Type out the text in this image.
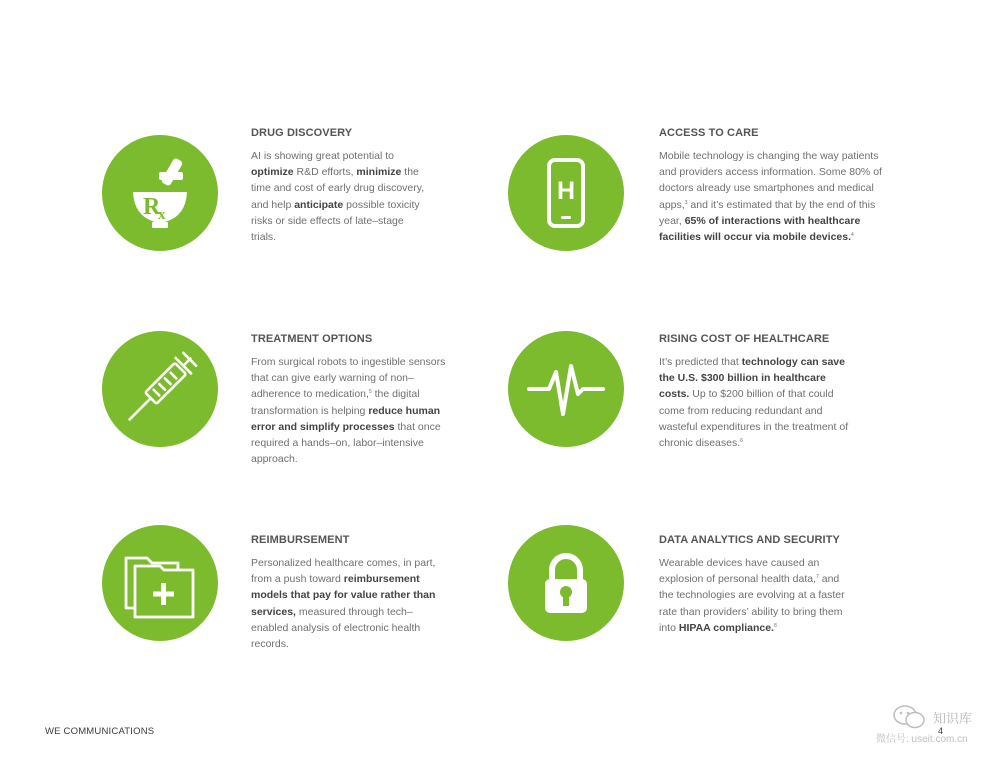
R
x
H
DRUG DISCOVERY

AI is showing great potential to optimize R&D efforts, minimize the time and cost of early drug discovery, and help anticipate possible toxicity risks or side effects of late–stage trials.

ACCESS TO CARE

Mobile technology is changing the way patients and providers access information. Some 80% of doctors already use smartphones and medical apps,$^3$ and it’s estimated that by the end of this year, 65% of interactions with healthcare facilities will occur via mobile devices.$^4$

TREATMENT OPTIONS

From surgical robots to ingestible sensors that can give early warning of non–adherence to medication,$^5$ the digital transformation is helping reduce human error and simplify processes that once required a hands–on, labor–intensive approach.

RISING COST OF HEALTHCARE

It’s predicted that technology can save the U.S. $300 billion in healthcare costs. Up to $200 billion of that could come from reducing redundant and wasteful expenditures in the treatment of chronic diseases.$^6$

REIMBURSEMENT

Personalized healthcare comes, in part, from a push toward reimbursement models that pay for value rather than services, measured through tech–enabled analysis of electronic health records.

DATA ANALYTICS AND SECURITY

Wearable devices have caused an explosion of personal health data,$^7$ and the technologies are evolving at a faster rate than providers’ ability to bring them into HIPAA compliance.$^8$

WE COMMUNICATIONS	4
知识库
微信号: useit.com.cn
